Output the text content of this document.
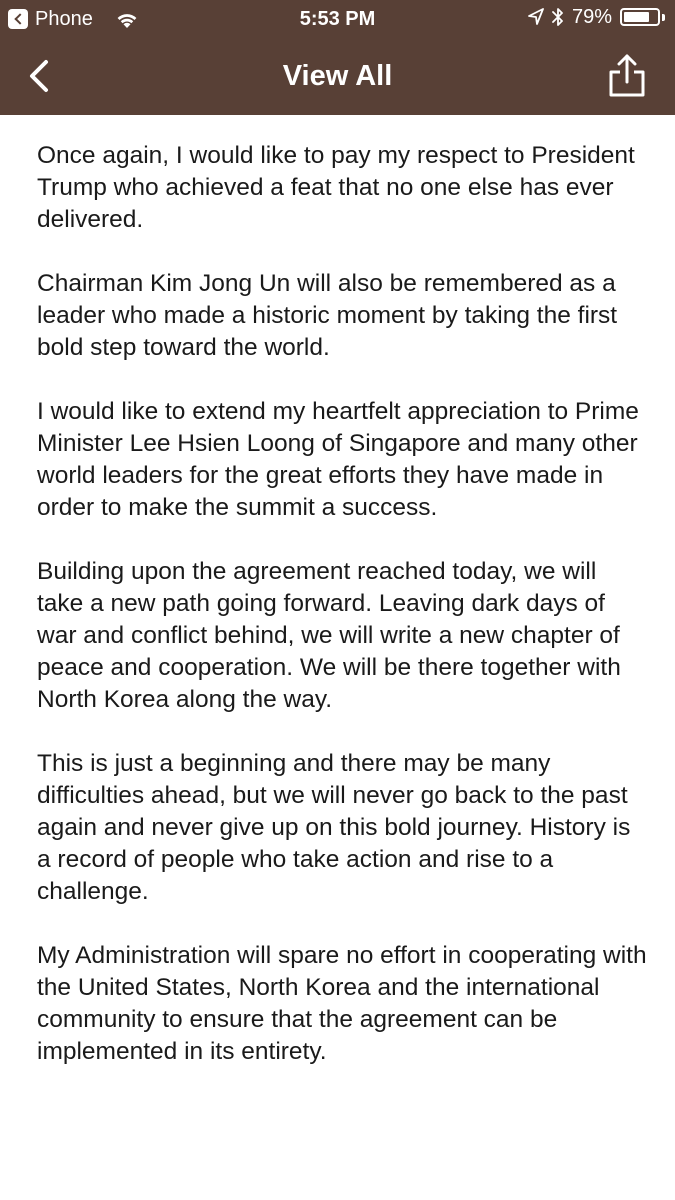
Phone	5:53 PM	79%
View All

Once again, I would like to pay my respect to President Trump who achieved a feat that no one else has ever delivered.

Chairman Kim Jong Un will also be remembered as a leader who made a historic moment by taking the first bold step toward the world.

I would like to extend my heartfelt appreciation to Prime Minister Lee Hsien Loong of Singapore and many other world leaders for the great efforts they have made in order to make the summit a success.

Building upon the agreement reached today, we will take a new path going forward. Leaving dark days of war and conflict behind, we will write a new chapter of peace and cooperation. We will be there together with North Korea along the way.

This is just a beginning and there may be many difficulties ahead, but we will never go back to the past again and never give up on this bold journey. History is a record of people who take action and rise to a challenge.

My Administration will spare no effort in cooperating with the United States, North Korea and the international community to ensure that the agreement can be implemented in its entirety.
